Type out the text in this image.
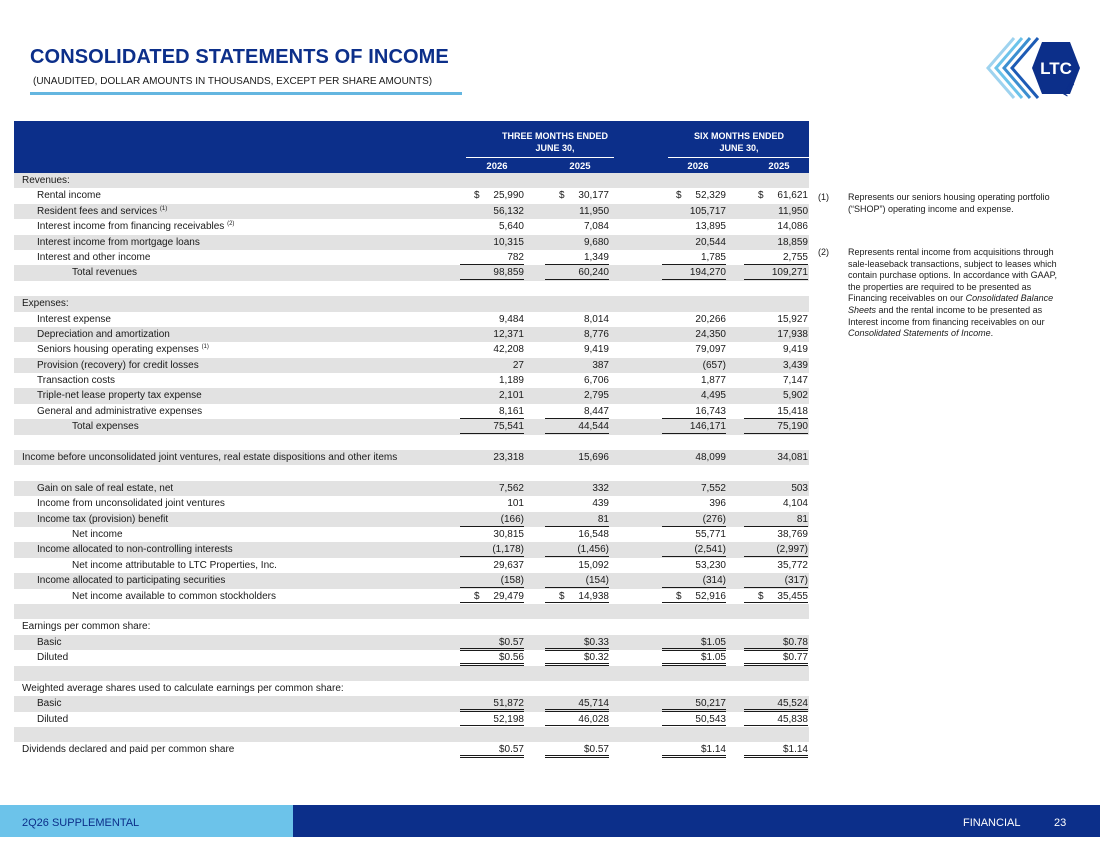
CONSOLIDATED STATEMENTS OF INCOME
(UNAUDITED, DOLLAR AMOUNTS IN THOUSANDS, EXCEPT PER SHARE AMOUNTS)
LTC
REIT
THREE MONTHS ENDED
JUNE 30,
SIX MONTHS ENDED
JUNE 30,
2026	2025	2026	2025
Revenues:
Rental income	$ 25,990	$ 30,177	$ 52,329	$ 61,621
Resident fees and services $^{(1)}$	56,132	11,950	105,717	11,950
Interest income from financing receivables $^{(2)}$	5,640	7,084	13,895	14,086
Interest income from mortgage loans	10,315	9,680	20,544	18,859
Interest and other income	782	1,349	1,785	2,755
Total revenues	98,859	60,240	194,270	109,271
Expenses:
Interest expense	9,484	8,014	20,266	15,927
Depreciation and amortization	12,371	8,776	24,350	17,938
Seniors housing operating expenses $^{(1)}$	42,208	9,419	79,097	9,419
Provision (recovery) for credit losses	27	387	(657)	3,439
Transaction costs	1,189	6,706	1,877	7,147
Triple-net lease property tax expense	2,101	2,795	4,495	5,902
General and administrative expenses	8,161	8,447	16,743	15,418
Total expenses	75,541	44,544	146,171	75,190
Income before unconsolidated joint ventures, real estate dispositions and other items	23,318	15,696	48,099	34,081
Gain on sale of real estate, net	7,562	332	7,552	503
Income from unconsolidated joint ventures	101	439	396	4,104
Income tax (provision) benefit	(166)	81	(276)	81
Net income	30,815	16,548	55,771	38,769
Income allocated to non-controlling interests	(1,178)	(1,456)	(2,541)	(2,997)
Net income attributable to LTC Properties, Inc.	29,637	15,092	53,230	35,772
Income allocated to participating securities	(158)	(154)	(314)	(317)
Net income available to common stockholders	$ 29,479	$ 14,938	$ 52,916	$ 35,455
Earnings per common share:
Basic	$0.57	$0.33	$1.05	$0.78
Diluted	$0.56	$0.32	$1.05	$0.77
Weighted average shares used to calculate earnings per common share:
Basic	51,872	45,714	50,217	45,524
Diluted	52,198	46,028	50,543	45,838
Dividends declared and paid per common share	$0.57	$0.57	$1.14	$1.14
(1) Represents our seniors housing operating portfolio (“SHOP”) operating income and expense.
(2) Represents rental income from acquisitions through sale-leaseback transactions, subject to leases which contain purchase options. In accordance with GAAP, the properties are required to be presented as Financing receivables on our Consolidated Balance Sheets and the rental income to be presented as Interest income from financing receivables on our Consolidated Statements of Income.
2Q26 SUPPLEMENTAL	FINANCIAL	23
